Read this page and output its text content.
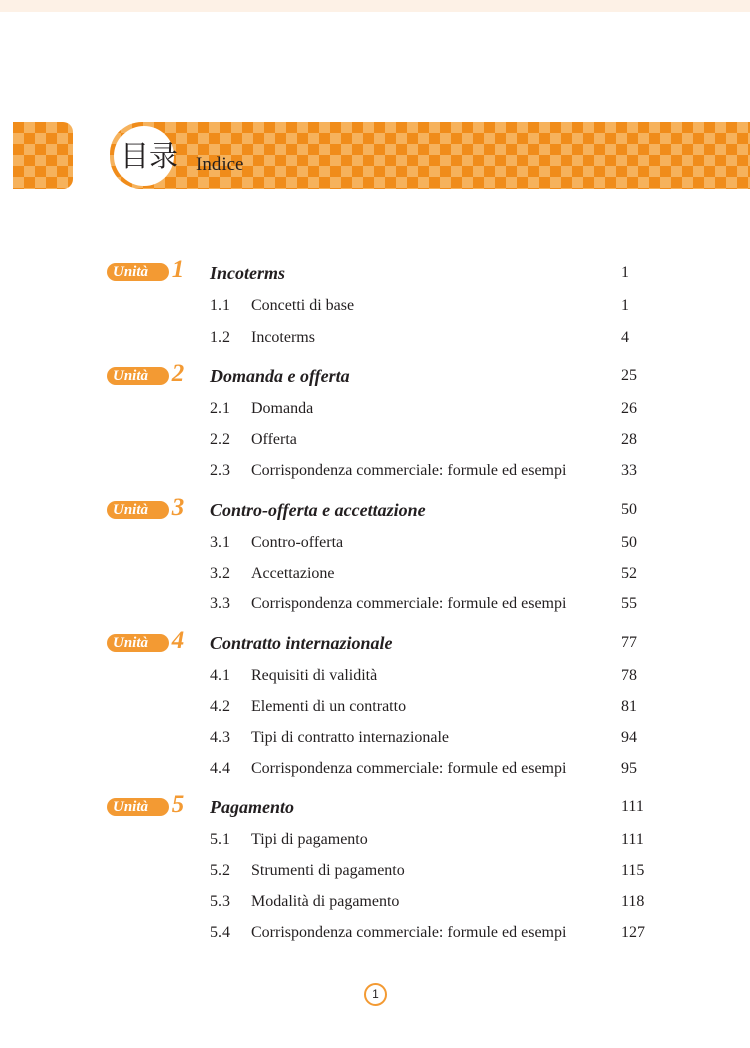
目录 Indice
Unità 1 Incoterms	1
1.1 Concetti di base	1
1.2 Incoterms	4
Unità 2 Domanda e offerta	25
2.1 Domanda	26
2.2 Offerta	28
2.3 Corrispondenza commerciale: formule ed esempi	33
Unità 3 Contro-offerta e accettazione	50
3.1 Contro-offerta	50
3.2 Accettazione	52
3.3 Corrispondenza commerciale: formule ed esempi	55
Unità 4 Contratto internazionale	77
4.1 Requisiti di validità	78
4.2 Elementi di un contratto	81
4.3 Tipi di contratto internazionale	94
4.4 Corrispondenza commerciale: formule ed esempi	95
Unità 5 Pagamento	111
5.1 Tipi di pagamento	111
5.2 Strumenti di pagamento	115
5.3 Modalità di pagamento	118
5.4 Corrispondenza commerciale: formule ed esempi	127
1
